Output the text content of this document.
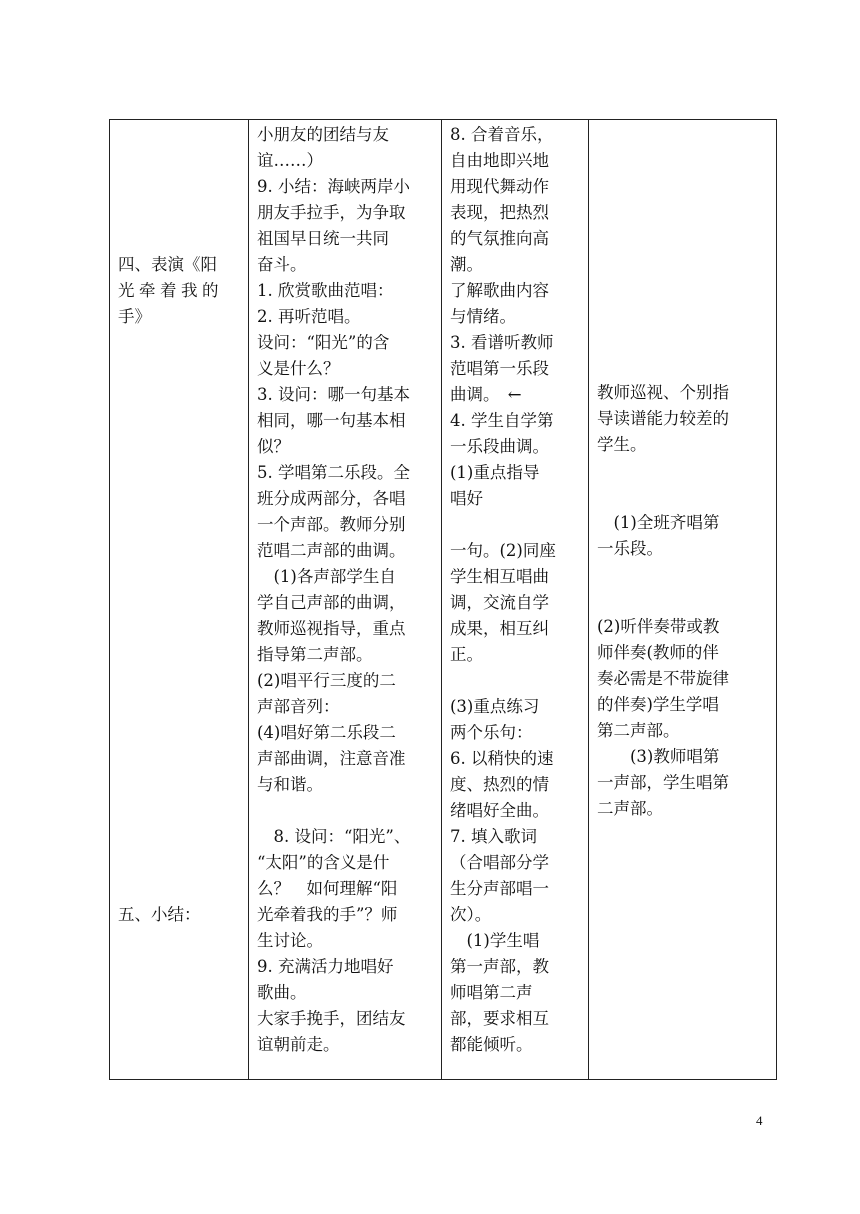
四、表演《阳
光牵着我的
手》
五、小结：

小朋友的团结与友
谊……）
9. 小结：海峡两岸小
朋友手拉手，为争取
祖国早日统一共同
奋斗。
1. 欣赏歌曲范唱：
2. 再听范唱。
设问：“阳光”的含
义是什么？
3. 设问：哪一句基本
相同，哪一句基本相
似？
5. 学唱第二乐段。全
班分成两部分，各唱
一个声部。教师分别
范唱二声部的曲调。
　(1)各声部学生自
学自己声部的曲调，
教师巡视指导，重点
指导第二声部。
(2)唱平行三度的二
声部音列：
(4)唱好第二乐段二
声部曲调，注意音准
与和谐。
　8. 设问：“阳光”、
“太阳”的含义是什
么？　如何理解“阳
光牵着我的手”？师
生讨论。
9. 充满活力地唱好
歌曲。
大家手挽手，团结友
谊朝前走。

8. 合着音乐，
自由地即兴地
用现代舞动作
表现，把热烈
的气氛推向高
潮。
了解歌曲内容
与情绪。
3. 看谱听教师
范唱第一乐段
曲调。　←
4. 学生自学第
一乐段曲调。
(1)重点指导
唱好
一句。(2)同座
学生相互唱曲
调，交流自学
成果，相互纠
正。
(3)重点练习
两个乐句：
6. 以稍快的速
度、热烈的情
绪唱好全曲。
7. 填入歌词
（合唱部分学
生分声部唱一
次）。
　(1)学生唱
第一声部，教
师唱第二声
部，要求相互
都能倾听。

教师巡视、个别指
导读谱能力较差的
学生。
　(1)全班齐唱第
一乐段。
(2)听伴奏带或教
师伴奏(教师的伴
奏必需是不带旋律
的伴奏)学生学唱
第二声部。
　　(3)教师唱第
一声部，学生唱第
二声部。
4
